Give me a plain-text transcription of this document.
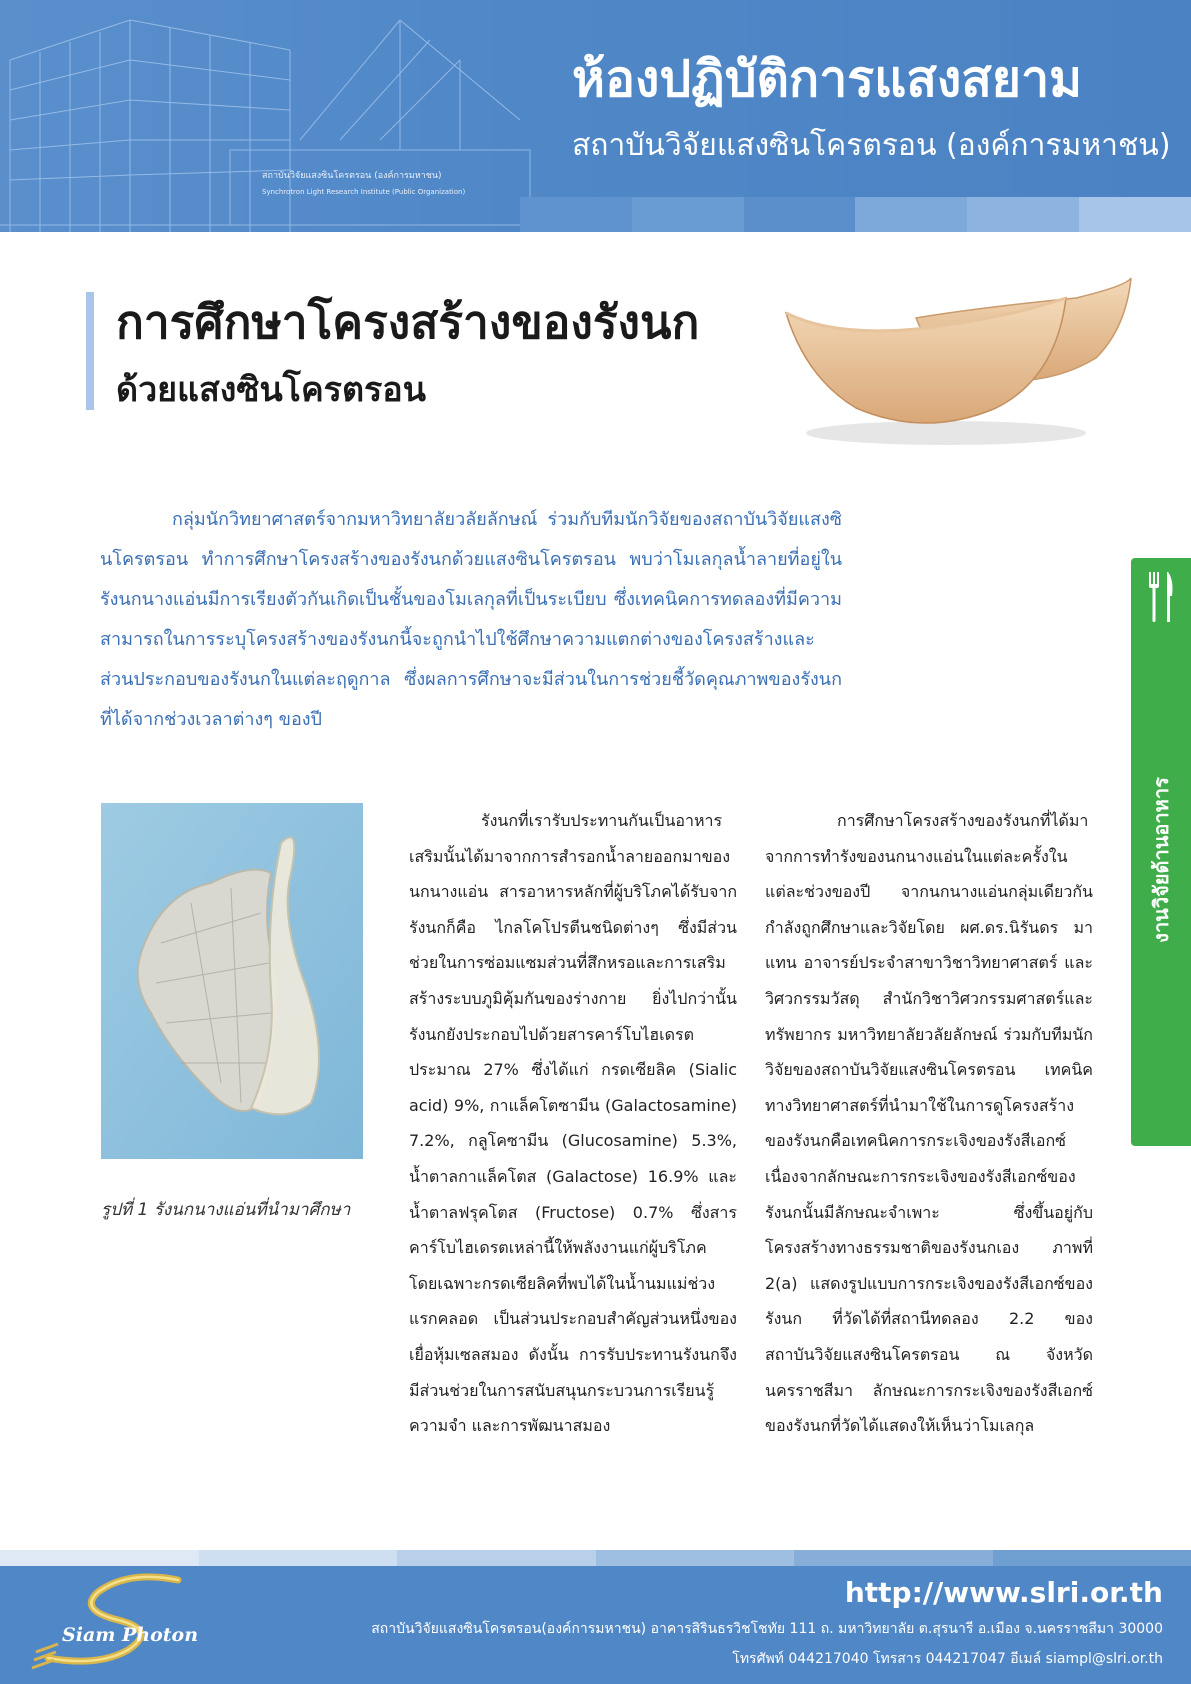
สถาบันวิจัยแสงซินโครตรอน (องค์การมหาชน)
Synchrotron Light Research Institute (Public Organization)
ห้องปฏิบัติการแสงสยาม
สถาบันวิจัยแสงซินโครตรอน (องค์การมหาชน)
การศึกษาโครงสร้างของรังนก
ด้วยแสงซินโครตรอน

กลุ่มนักวิทยาศาสตร์จากมหาวิทยาลัยวลัยลักษณ์ ร่วมกับทีมนักวิจัยของสถาบันวิจัยแสงซินโครตรอน ทำการศึกษาโครงสร้างของรังนกด้วยแสงซินโครตรอน พบว่าโมเลกุลน้ำลายที่อยู่ในรังนกนางแอ่นมีการเรียงตัวกันเกิดเป็นชั้นของโมเลกุลที่เป็นระเบียบ ซึ่งเทคนิคการทดลองที่มีความสามารถในการระบุโครงสร้างของรังนกนี้จะถูกนำไปใช้ศึกษาความแตกต่างของโครงสร้างและส่วนประกอบของรังนกในแต่ละฤดูกาล ซึ่งผลการศึกษาจะมีส่วนในการช่วยชี้วัดคุณภาพของรังนกที่ได้จากช่วงเวลาต่างๆ ของปี

งานวิจัยด้านอาหาร
รูปที่ 1 รังนกนางแอ่นที่นำมาศึกษา

รังนกที่เรารับประทานกันเป็นอาหารเสริมนั้นได้มาจากการสำรอกน้ำลายออกมาของนกนางแอ่น สารอาหารหลักที่ผู้บริโภคได้รับจากรังนกก็คือ ไกลโคโปรตีนชนิดต่างๆ ซึ่งมีส่วนช่วยในการซ่อมแซมส่วนที่สึกหรอและการเสริมสร้างระบบภูมิคุ้มกันของร่างกาย ยิ่งไปกว่านั้น รังนกยังประกอบไปด้วยสารคาร์โบไฮเดรตประมาณ 27% ซึ่งได้แก่ กรดเซียลิค (Sialic acid) 9%, กาแล็คโตซามีน (Galactosamine) 7.2%, กลูโคซามีน (Glucosamine) 5.3%, น้ำตาลกาแล็คโตส (Galactose) 16.9% และ น้ำตาลฟรุคโตส (Fructose) 0.7% ซึ่งสารคาร์โบไฮเดรตเหล่านี้ให้พลังงานแก่ผู้บริโภค โดยเฉพาะกรดเซียลิคที่พบได้ในน้ำนมแม่ช่วงแรกคลอด เป็นส่วนประกอบสำคัญส่วนหนึ่งของเยื่อหุ้มเซลสมอง ดังนั้น การรับประทานรังนกจึงมีส่วนช่วยในการสนับสนุนกระบวนการเรียนรู้ ความจำ และการพัฒนาสมอง

การศึกษาโครงสร้างของรังนกที่ได้มาจากการทำรังของนกนางแอ่นในแต่ละครั้งในแต่ละช่วงของปี จากนกนางแอ่นกลุ่มเดียวกัน กำลังถูกศึกษาและวิจัยโดย ผศ.ดร.นิรันดร มาแทน อาจารย์ประจำสาขาวิชาวิทยาศาสตร์ และวิศวกรรมวัสดุ สำนักวิชาวิศวกรรมศาสตร์และทรัพยากร มหาวิทยาลัยวลัยลักษณ์ ร่วมกับทีมนักวิจัยของสถาบันวิจัยแสงซินโครตรอน เทคนิคทางวิทยาศาสตร์ที่นำมาใช้ในการดูโครงสร้างของรังนกคือเทคนิคการกระเจิงของรังสีเอกซ์ เนื่องจากลักษณะการกระเจิงของรังสีเอกซ์ของรังนกนั้นมีลักษณะจำเพาะ ซึ่งขึ้นอยู่กับโครงสร้างทางธรรมชาติของรังนกเอง ภาพที่ 2(a) แสดงรูปแบบการกระเจิงของรังสีเอกซ์ของรังนก ที่วัดได้ที่สถานีทดลอง 2.2 ของสถาบันวิจัยแสงซินโครตรอน ณ จังหวัดนครราชสีมา ลักษณะการกระเจิงของรังสีเอกซ์ของรังนกที่วัดได้แสดงให้เห็นว่าโมเลกุล

Siam Photon
http://www.slri.or.th
สถาบันวิจัยแสงซินโครตรอน(องค์การมหาชน) อาคารสิรินธรวิชโชทัย 111 ถ. มหาวิทยาลัย ต.สุรนารี อ.เมือง จ.นครราชสีมา 30000
โทรศัพท์ 044217040 โทรสาร 044217047 อีเมล์ siampl@slri.or.th
